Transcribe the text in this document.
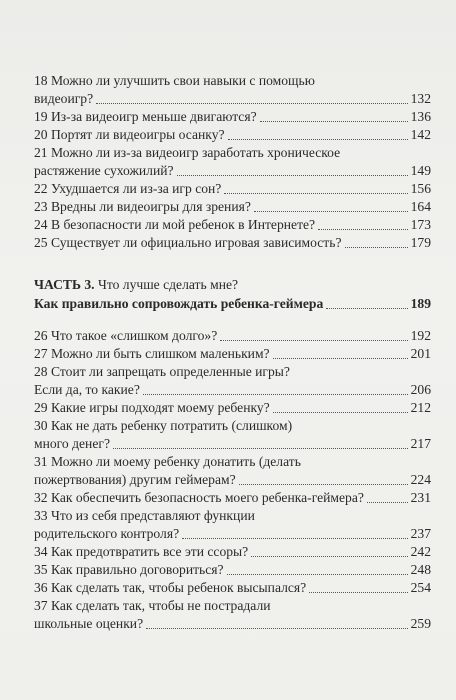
18 Можно ли улучшить свои навыки с помощью
видеоигр?	132
19 Из-за видеоигр меньше двигаются?	136
20 Портят ли видеоигры осанку?	142
21 Можно ли из-за видеоигр заработать хроническое
растяжение сухожилий?	149
22 Ухудшается ли из-за игр сон?	156
23 Вредны ли видеоигры для зрения?	164
24 В безопасности ли мой ребенок в Интернете?	173
25 Существует ли официально игровая зависимость?	179
ЧАСТЬ 3. Что лучше сделать мне?
Как правильно сопровождать ребенка-геймера	189
26 Что такое «слишком долго»?	192
27 Можно ли быть слишком маленьким?	201
28 Стоит ли запрещать определенные игры?
Если да, то какие?	206
29 Какие игры подходят моему ребенку?	212
30 Как не дать ребенку потратить (слишком)
много денег?	217
31 Можно ли моему ребенку донатить (делать
пожертвования) другим геймерам?	224
32 Как обеспечить безопасность моего ребенка-геймера?	231
33 Что из себя представляют функции
родительского контроля?	237
34 Как предотвратить все эти ссоры?	242
35 Как правильно договориться?	248
36 Как сделать так, чтобы ребенок высыпался?	254
37 Как сделать так, чтобы не пострадали
школьные оценки?	259
